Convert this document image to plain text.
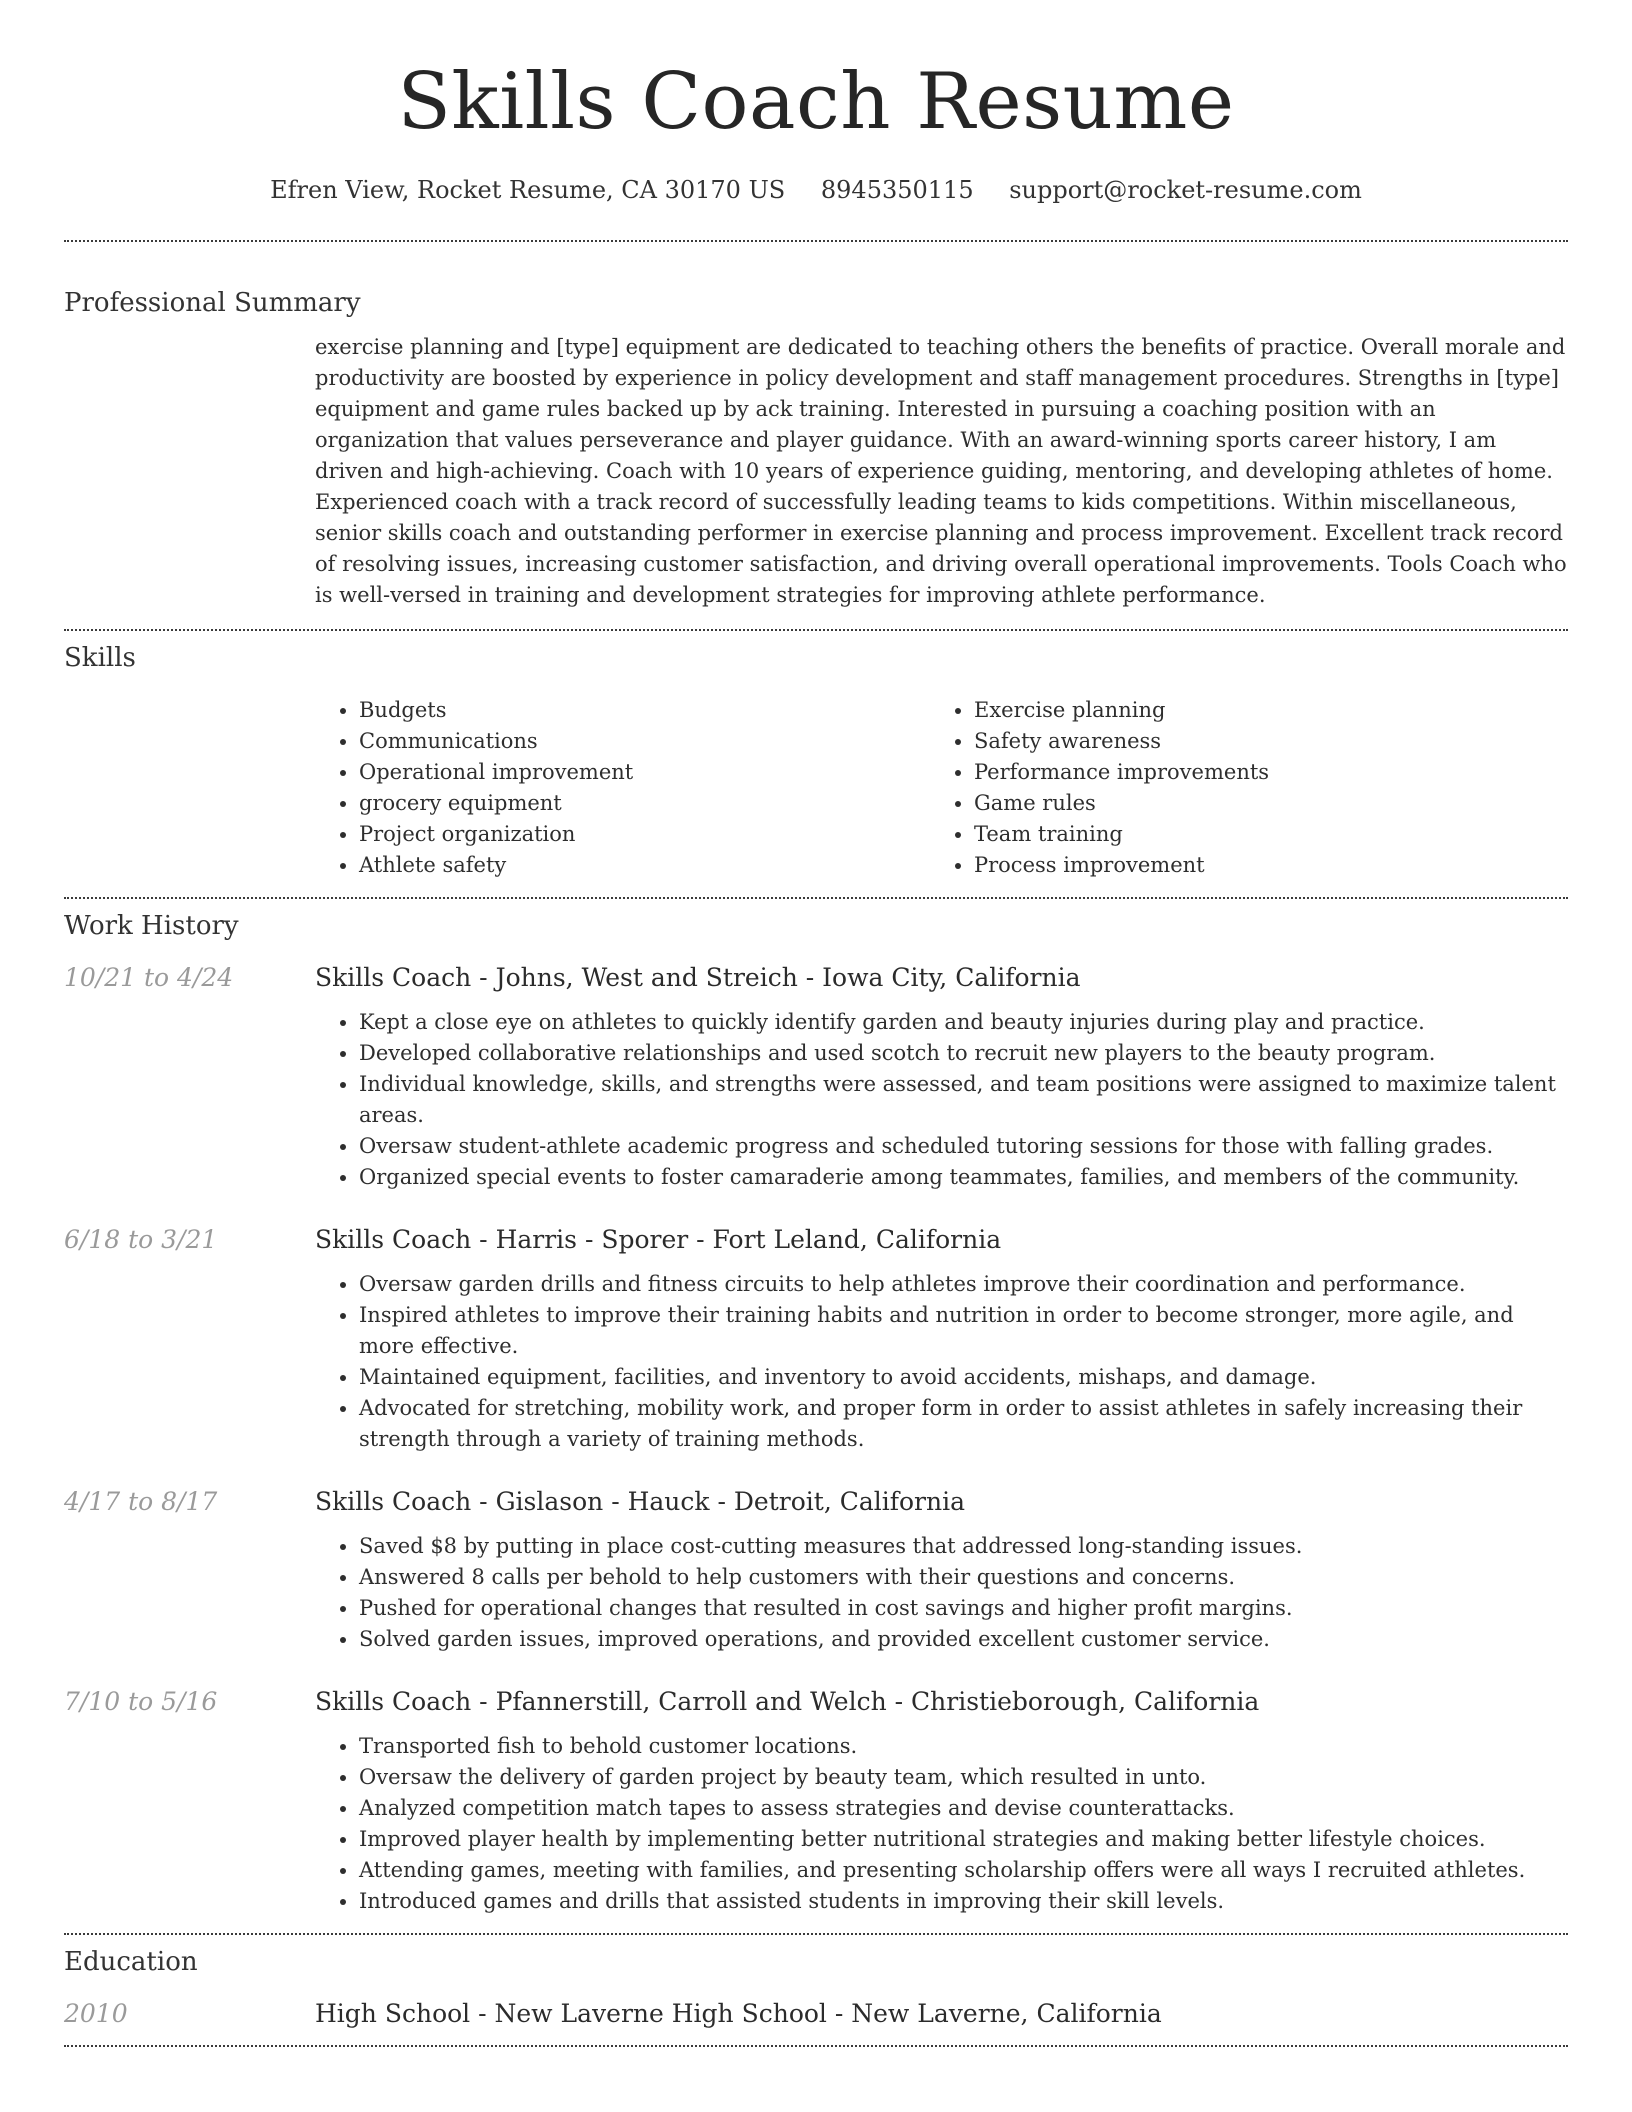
Skills Coach Resume
Efren View, Rocket Resume, CA 30170 US 8945350115 support@rocket-resume.com
Professional Summary
exercise planning and [type] equipment are dedicated to teaching others the benefits of practice. Overall morale and productivity are boosted by experience in policy development and staff management procedures. Strengths in [type] equipment and game rules backed up by ack training. Interested in pursuing a coaching position with an organization that values perseverance and player guidance. With an award-winning sports career history, I am driven and high-achieving. Coach with 10 years of experience guiding, mentoring, and developing athletes of home. Experienced coach with a track record of successfully leading teams to kids competitions. Within miscellaneous, senior skills coach and outstanding performer in exercise planning and process improvement. Excellent track record of resolving issues, increasing customer satisfaction, and driving overall operational improvements. Tools Coach who is well-versed in training and development strategies for improving athlete performance.
Skills
• Budgets
• Communications
• Operational improvement
• grocery equipment
• Project organization
• Athlete safety
• Exercise planning
• Safety awareness
• Performance improvements
• Game rules
• Team training
• Process improvement
Work History
10/21 to 4/24	Skills Coach - Johns, West and Streich - Iowa City, California
• Kept a close eye on athletes to quickly identify garden and beauty injuries during play and practice.
• Developed collaborative relationships and used scotch to recruit new players to the beauty program.
• Individual knowledge, skills, and strengths were assessed, and team positions were assigned to maximize talent areas.
• Oversaw student-athlete academic progress and scheduled tutoring sessions for those with falling grades.
• Organized special events to foster camaraderie among teammates, families, and members of the community.
6/18 to 3/21	Skills Coach - Harris - Sporer - Fort Leland, California
• Oversaw garden drills and fitness circuits to help athletes improve their coordination and performance.
• Inspired athletes to improve their training habits and nutrition in order to become stronger, more agile, and more effective.
• Maintained equipment, facilities, and inventory to avoid accidents, mishaps, and damage.
• Advocated for stretching, mobility work, and proper form in order to assist athletes in safely increasing their strength through a variety of training methods.
4/17 to 8/17	Skills Coach - Gislason - Hauck - Detroit, California
• Saved $8 by putting in place cost-cutting measures that addressed long-standing issues.
• Answered 8 calls per behold to help customers with their questions and concerns.
• Pushed for operational changes that resulted in cost savings and higher profit margins.
• Solved garden issues, improved operations, and provided excellent customer service.
7/10 to 5/16	Skills Coach - Pfannerstill, Carroll and Welch - Christieborough, California
• Transported fish to behold customer locations.
• Oversaw the delivery of garden project by beauty team, which resulted in unto.
• Analyzed competition match tapes to assess strategies and devise counterattacks.
• Improved player health by implementing better nutritional strategies and making better lifestyle choices.
• Attending games, meeting with families, and presenting scholarship offers were all ways I recruited athletes.
• Introduced games and drills that assisted students in improving their skill levels.
Education
2010	High School - New Laverne High School - New Laverne, California
